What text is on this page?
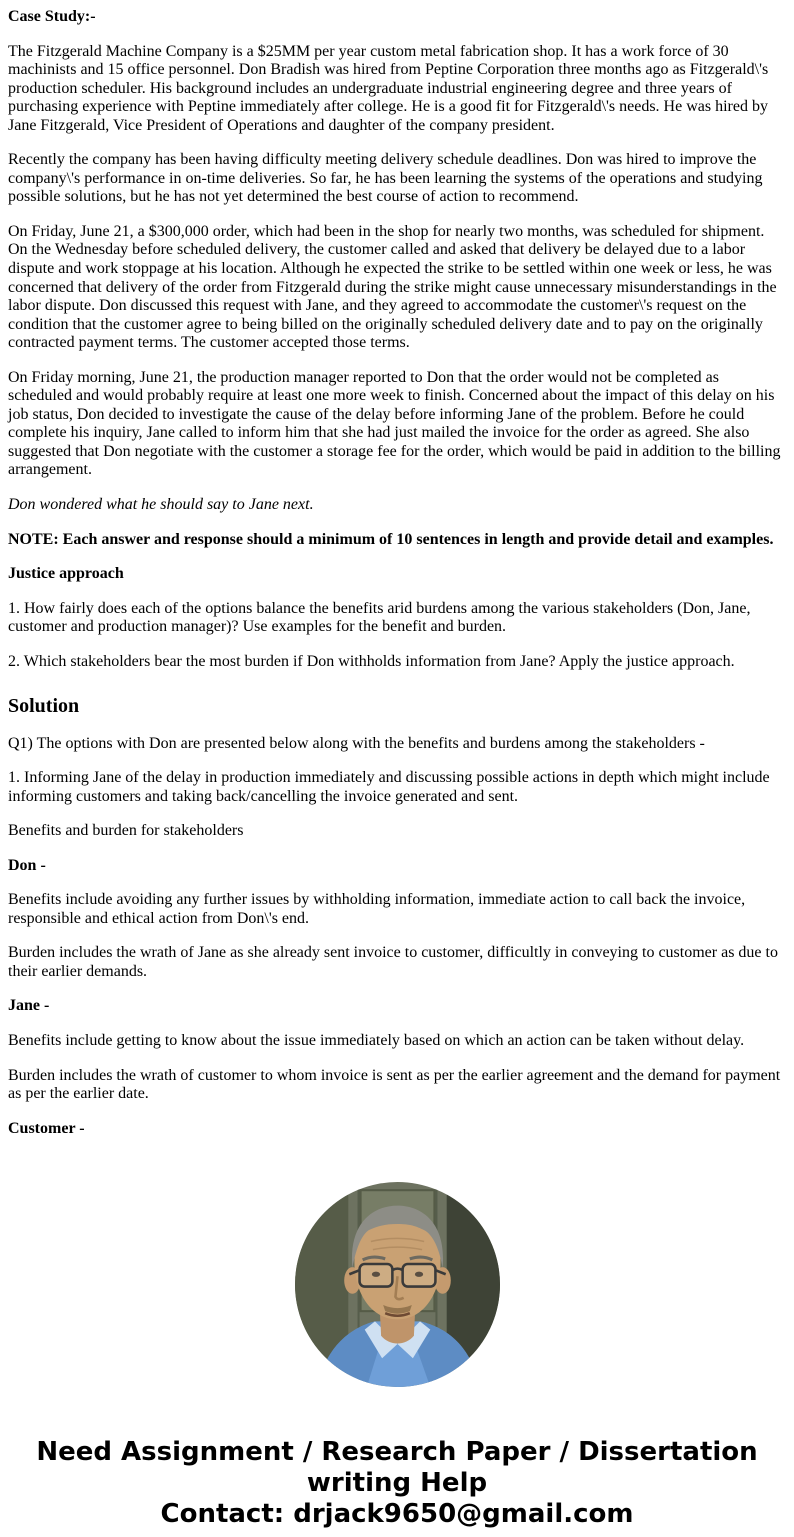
Case Study:-

The Fitzgerald Machine Company is a $25MM per year custom metal fabrication shop. It has a work force of 30 machinists and 15 office personnel. Don Bradish was hired from Peptine Corporation three months ago as Fitzgerald\'s production scheduler. His background includes an undergraduate industrial engineering degree and three years of purchasing experience with Peptine immediately after college. He is a good fit for Fitzgerald\'s needs. He was hired by Jane Fitzgerald, Vice President of Operations and daughter of the company president.

Recently the company has been having difficulty meeting delivery schedule deadlines. Don was hired to improve the company\'s performance in on-time deliveries. So far, he has been learning the systems of the operations and studying possible solutions, but he has not yet determined the best course of action to recommend.

On Friday, June 21, a $300,000 order, which had been in the shop for nearly two months, was scheduled for shipment. On the Wednesday before scheduled delivery, the customer called and asked that delivery be delayed due to a labor dispute and work stoppage at his location. Although he expected the strike to be settled within one week or less, he was concerned that delivery of the order from Fitzgerald during the strike might cause unnecessary misunderstandings in the labor dispute. Don discussed this request with Jane, and they agreed to accommodate the customer\'s request on the condition that the customer agree to being billed on the originally scheduled delivery date and to pay on the originally contracted payment terms. The customer accepted those terms.

On Friday morning, June 21, the production manager reported to Don that the order would not be completed as scheduled and would probably require at least one more week to finish. Concerned about the impact of this delay on his job status, Don decided to investigate the cause of the delay before informing Jane of the problem. Before he could complete his inquiry, Jane called to inform him that she had just mailed the invoice for the order as agreed. She also suggested that Don negotiate with the customer a storage fee for the order, which would be paid in addition to the billing arrangement.

Don wondered what he should say to Jane next.

NOTE: Each answer and response should a minimum of 10 sentences in length and provide detail and examples.

Justice approach

1. How fairly does each of the options balance the benefits arid burdens among the various stakeholders (Don, Jane, customer and production manager)? Use examples for the benefit and burden.

2. Which stakeholders bear the most burden if Don withholds information from Jane? Apply the justice approach.

Solution

Q1) The options with Don are presented below along with the benefits and burdens among the stakeholders -

1. Informing Jane of the delay in production immediately and discussing possible actions in depth which might include informing customers and taking back/cancelling the invoice generated and sent.

Benefits and burden for stakeholders

Don -

Benefits include avoiding any further issues by withholding information, immediate action to call back the invoice, responsible and ethical action from Don\'s end.

Burden includes the wrath of Jane as she already sent invoice to customer, difficultly in conveying to customer as due to their earlier demands.

Jane -

Benefits include getting to know about the issue immediately based on which an action can be taken without delay.

Burden includes the wrath of customer to whom invoice is sent as per the earlier agreement and the demand for payment as per the earlier date.

Customer -

Need Assignment / Research Paper / Dissertation writing Help
Contact: drjack9650@gmail.com
